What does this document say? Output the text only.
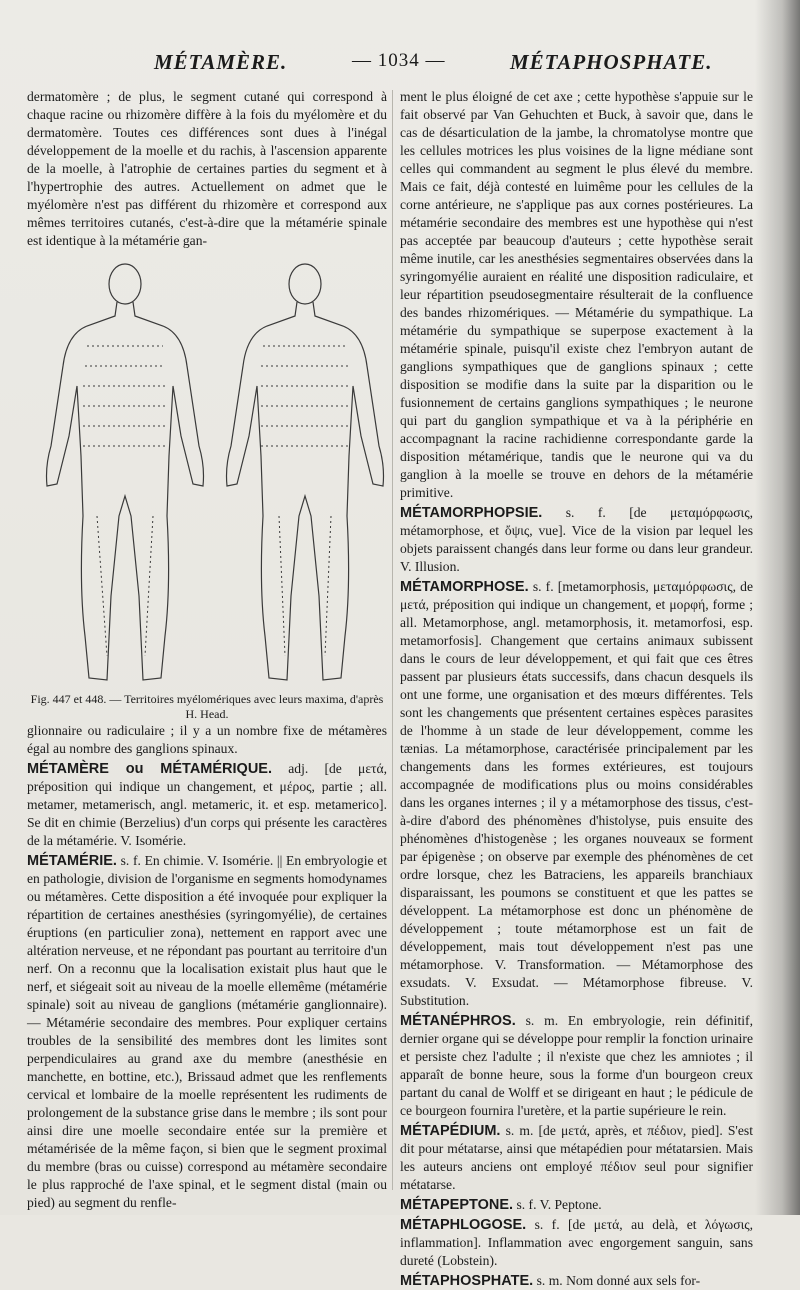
MÉTAMÈRE.	— 1034 —	MÉTAPHOSPHATE.

dermatomère ; de plus, le segment cutané qui correspond à chaque racine ou rhizomère diffère à la fois du myélomère et du dermatomère. Toutes ces différences sont dues à l'inégal développement de la moelle et du rachis, à l'ascension apparente de la moelle, à l'atrophie de certaines parties du segment et à l'hypertrophie des autres. Actuellement on admet que le myélomère n'est pas différent du rhizomère et correspond aux mêmes territoires cutanés, c'est-à-dire que la métamérie spinale est identique à la métamérie gan-

Fig. 447 et 448. — Territoires myélomériques avec leurs maxima, d'après H. Head.

glionnaire ou radiculaire ; il y a un nombre fixe de métamères égal au nombre des ganglions spinaux.

MÉTAMÈRE ou MÉTAMÉRIQUE. adj. [de μετά, préposition qui indique un changement, et μέρος, partie ; all. metamer, metamerisch, angl. metameric, it. et esp. metamerico]. Se dit en chimie (Berzelius) d'un corps qui présente les caractères de la métamérie. V. Isomérie.

MÉTAMÉRIE. s. f. En chimie. V. Isomérie. || En embryologie et en pathologie, division de l'organisme en segments homodynames ou métamères. Cette disposition a été invoquée pour expliquer la répartition de certaines anesthésies (syringomyélie), de certaines éruptions (en particulier zona), nettement en rapport avec une altération nerveuse, et ne répondant pas pourtant au territoire d'un nerf. On a reconnu que la localisation existait plus haut que le nerf, et siégeait soit au niveau de la moelle ellemême (métamérie spinale) soit au niveau de ganglions (métamérie ganglionnaire). — Métamérie secondaire des membres. Pour expliquer certains troubles de la sensibilité des membres dont les limites sont perpendiculaires au grand axe du membre (anesthésie en manchette, en bottine, etc.), Brissaud admet que les renflements cervical et lombaire de la moelle représentent les rudiments de prolongement de la substance grise dans le membre ; ils sont pour ainsi dire une moelle secondaire entée sur la première et métamérisée de la même façon, si bien que le segment proximal du membre (bras ou cuisse) correspond au métamère secondaire le plus rapproché de l'axe spinal, et le segment distal (main ou pied) au segment du renfle-

ment le plus éloigné de cet axe ; cette hypothèse s'appuie sur le fait observé par Van Gehuchten et Buck, à savoir que, dans le cas de désarticulation de la jambe, la chromatolyse montre que les cellules motrices les plus voisines de la ligne médiane sont celles qui commandent au segment le plus élevé du membre. Mais ce fait, déjà contesté en luimême pour les cellules de la corne antérieure, ne s'applique pas aux cornes postérieures. La métamérie secondaire des membres est une hypothèse qui n'est pas acceptée par beaucoup d'auteurs ; cette hypothèse serait même inutile, car les anesthésies segmentaires observées dans la syringomyélie auraient en réalité une disposition radiculaire, et leur répartition pseudosegmentaire résulterait de la confluence des bandes rhizomériques. — Métamérie du sympathique. La métamérie du sympathique se superpose exactement à la métamérie spinale, puisqu'il existe chez l'embryon autant de ganglions sympathiques que de ganglions spinaux ; cette disposition se modifie dans la suite par la disparition ou le fusionnement de certains ganglions sympathiques ; le neurone qui part du ganglion sympathique et va à la périphérie en accompagnant la racine rachidienne correspondante garde la disposition métamérique, tandis que le neurone qui va du ganglion à la moelle se trouve en dehors de la métamérie primitive.

MÉTAMORPHOPSIE. s. f. [de μεταμόρφωσις, métamorphose, et ὄψις, vue]. Vice de la vision par lequel les objets paraissent changés dans leur forme ou dans leur grandeur. V. Illusion.

MÉTAMORPHOSE. s. f. [metamorphosis, μεταμόρφωσις, de μετά, préposition qui indique un changement, et μορφή, forme ; all. Metamorphose, angl. metamorphosis, it. metamorfosi, esp. metamorfosis]. Changement que certains animaux subissent dans le cours de leur développement, et qui fait que ces êtres passent par plusieurs états successifs, dans chacun desquels ils ont une forme, une organisation et des mœurs différentes. Tels sont les changements que présentent certaines espèces parasites de l'homme à un stade de leur développement, comme les tænias. La métamorphose, caractérisée principalement par les changements dans les formes extérieures, est toujours accompagnée de modifications plus ou moins considérables dans les organes internes ; il y a métamorphose des tissus, c'est-à-dire d'abord des phénomènes d'histolyse, puis ensuite des phénomènes d'histogenèse ; les organes nouveaux se forment par épigenèse ; on observe par exemple des phénomènes de cet ordre lorsque, chez les Batraciens, les appareils branchiaux disparaissant, les poumons se constituent et que les pattes se développent. La métamorphose est donc un phénomène de développement ; toute métamorphose est un fait de développement, mais tout développement n'est pas une métamorphose. V. Transformation. — Métamorphose des exsudats. V. Exsudat. — Métamorphose fibreuse. V. Substitution.

MÉTANÉPHROS. s. m. En embryologie, rein définitif, dernier organe qui se développe pour remplir la fonction urinaire et persiste chez l'adulte ; il n'existe que chez les amniotes ; il apparaît de bonne heure, sous la forme d'un bourgeon creux partant du canal de Wolff et se dirigeant en haut ; le pédicule de ce bourgeon fournira l'uretère, et la partie supérieure le rein.

MÉTAPÉDIUM. s. m. [de μετά, après, et πέδιον, pied]. S'est dit pour métatarse, ainsi que métapédien pour métatarsien. Mais les auteurs anciens ont employé πέδιον seul pour signifier métatarse.

MÉTAPEPTONE. s. f. V. Peptone.

MÉTAPHLOGOSE. s. f. [de μετά, au delà, et λόγωσις, inflammation]. Inflammation avec engorgement sanguin, sans dureté (Lobstein).

MÉTAPHOSPHATE. s. m. Nom donné aux sels for-
